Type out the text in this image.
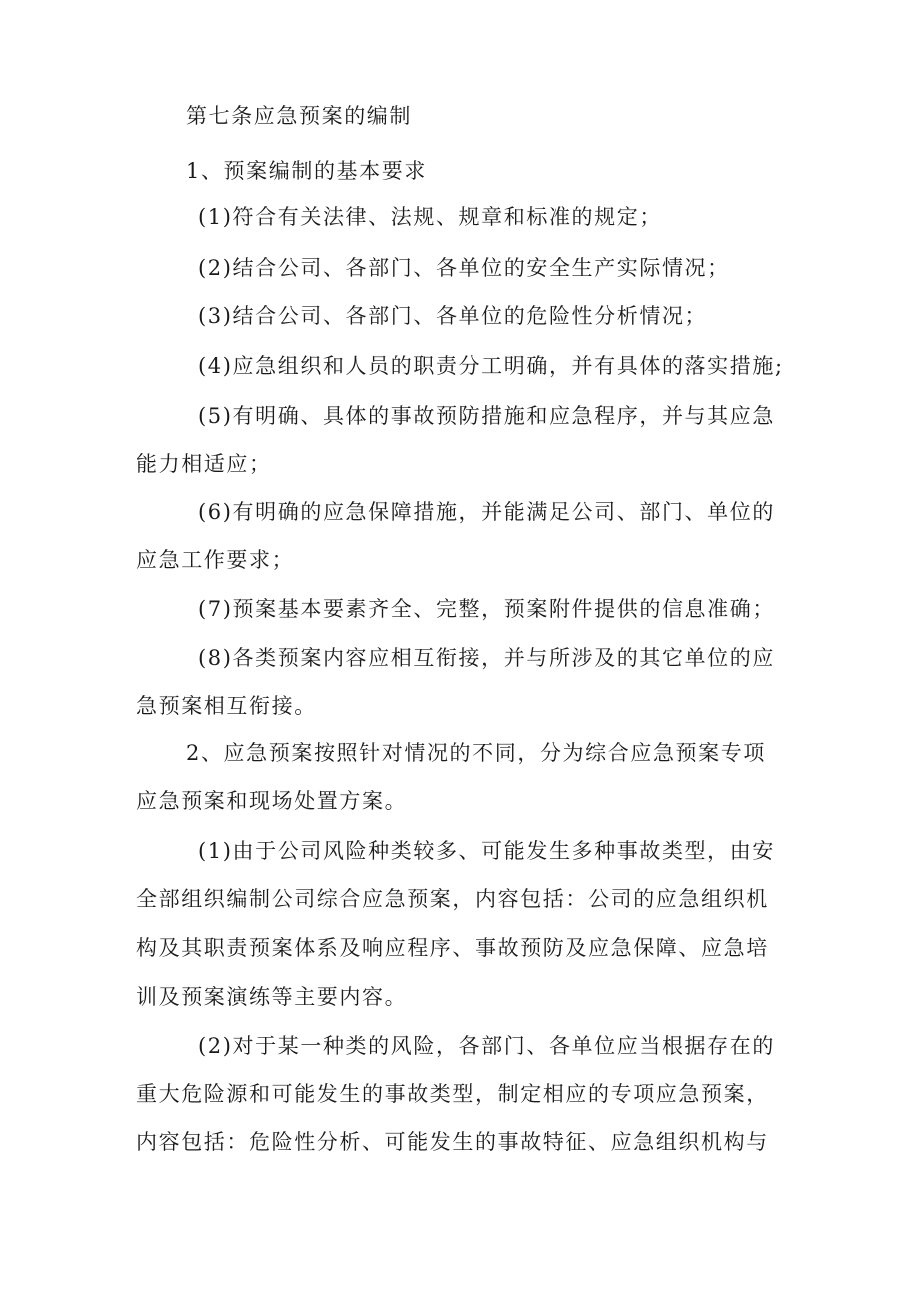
第七条应急预案的编制
1、预案编制的基本要求
(1)符合有关法律、法规、规章和标准的规定；
(2)结合公司、各部门、各单位的安全生产实际情况；
(3)结合公司、各部门、各单位的危险性分析情况；
(4)应急组织和人员的职责分工明确，并有具体的落实措施;
(5)有明确、具体的事故预防措施和应急程序，并与其应急
能力相适应；
(6)有明确的应急保障措施，并能满足公司、部门、单位的
应急工作要求；
(7)预案基本要素齐全、完整，预案附件提供的信息准确；
(8)各类预案内容应相互衔接，并与所涉及的其它单位的应
急预案相互衔接。
2、应急预案按照针对情况的不同，分为综合应急预案专项
应急预案和现场处置方案。
(1)由于公司风险种类较多、可能发生多种事故类型，由安
全部组织编制公司综合应急预案，内容包括：公司的应急组织机
构及其职责预案体系及响应程序、事故预防及应急保障、应急培
训及预案演练等主要内容。
(2)对于某一种类的风险，各部门、各单位应当根据存在的
重大危险源和可能发生的事故类型，制定相应的专项应急预案，
内容包括：危险性分析、可能发生的事故特征、应急组织机构与
